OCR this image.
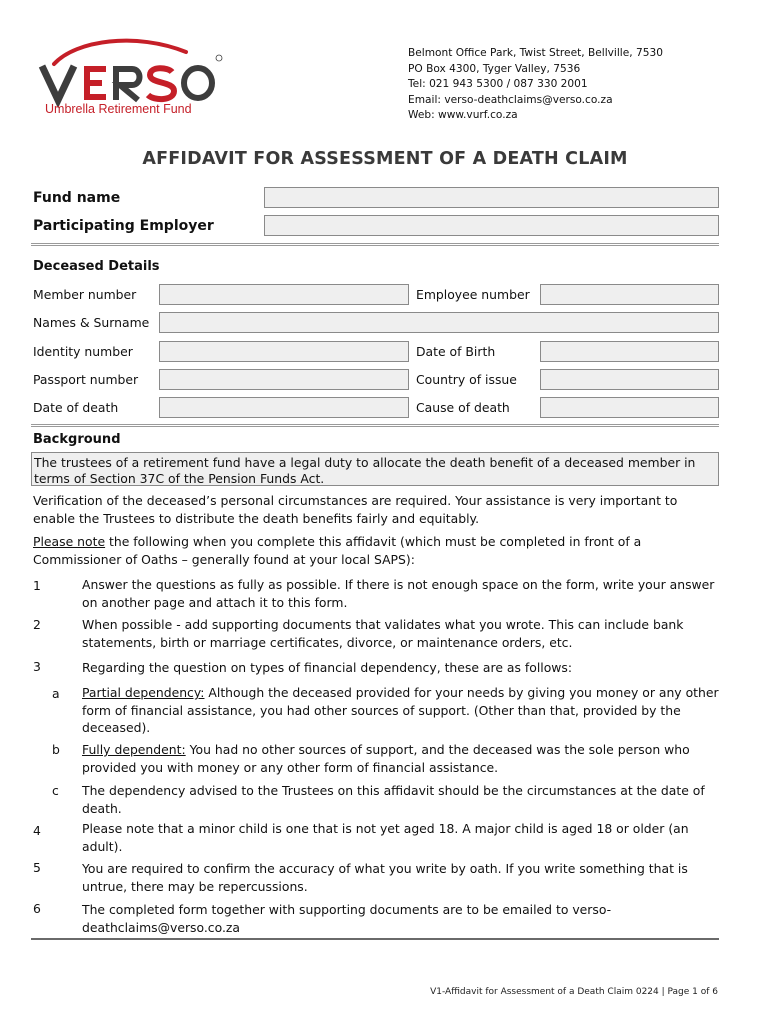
Umbrella Retirement Fund
Belmont Office Park, Twist Street, Bellville, 7530
PO Box 4300, Tyger Valley, 7536
Tel: 021 943 5300 / 087 330 2001
Email: verso-deathclaims@verso.co.za
Web: www.vurf.co.za
AFFIDAVIT FOR ASSESSMENT OF A DEATH CLAIM
Fund name
Participating Employer
Deceased Details
Member number	Employee number
Names & Surname
Identity number	Date of Birth
Passport number	Country of issue
Date of death	Cause of death
Background
The trustees of a retirement fund have a legal duty to allocate the death benefit of a deceased member in terms of Section 37C of the Pension Funds Act.
Verification of the deceased’s personal circumstances are required. Your assistance is very important to enable the Trustees to distribute the death benefits fairly and equitably.
Please note the following when you complete this affidavit (which must be completed in front of a Commissioner of Oaths – generally found at your local SAPS):
1	Answer the questions as fully as possible. If there is not enough space on the form, write your answer on another page and attach it to this form.
2	When possible - add supporting documents that validates what you wrote. This can include bank statements, birth or marriage certificates, divorce, or maintenance orders, etc.
3	Regarding the question on types of financial dependency, these are as follows:
a Partial dependency: Although the deceased provided for your needs by giving you money or any other form of financial assistance, you had other sources of support. (Other than that, provided by the deceased).
b Fully dependent: You had no other sources of support, and the deceased was the sole person who provided you with money or any other form of financial assistance.
c The dependency advised to the Trustees on this affidavit should be the circumstances at the date of death.
4	Please note that a minor child is one that is not yet aged 18. A major child is aged 18 or older (an adult).
5	You are required to confirm the accuracy of what you write by oath. If you write something that is untrue, there may be repercussions.
6	The completed form together with supporting documents are to be emailed to verso-deathclaims@verso.co.za
V1-Affidavit for Assessment of a Death Claim 0224 | Page 1 of 6
